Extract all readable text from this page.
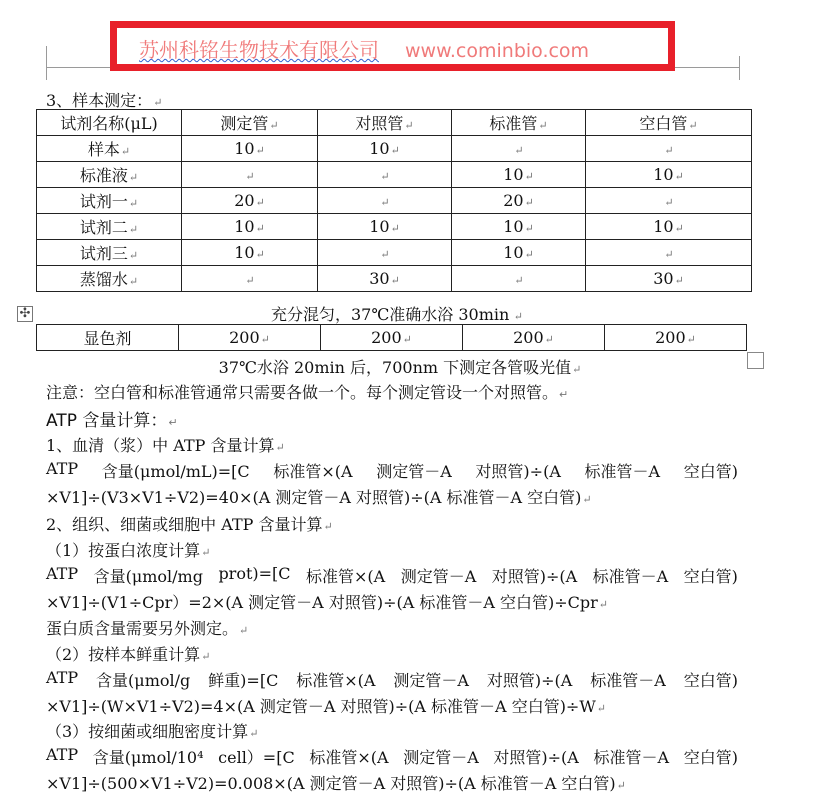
苏州科铭生物技术有限公司 www.cominbio.com
3、样本测定：↵
试剂名称(μL)	测定管↵	对照管↵	标准管↵	空白管↵
样本↵	10↵	10↵	↵	↵
标准液↵	↵	↵	10↵	10↵
试剂一↵	20↵	↵	20↵	↵
试剂二↵	10↵	10↵	10↵	10↵
试剂三↵	10↵	↵	10↵	↵
蒸馏水↵	↵	30↵	↵	30↵
✣	充分混匀，37℃准确水浴 30min ↵
显色剂	200↵	200↵	200↵	200↵
37℃水浴 20min 后，700nm 下测定各管吸光值↵
注意：空白管和标准管通常只需要各做一个。每个测定管设一个对照管。↵
ATP 含量计算：↵
1、血清（浆）中 ATP 含量计算↵
ATP 含量(μmol/mL)=[C 标准管×(A 测定管－A 对照管)÷(A 标准管－A 空白管)
×V1]÷(V3×V1÷V2)=40×(A 测定管－A 对照管)÷(A 标准管－A 空白管)↵
2、组织、细菌或细胞中 ATP 含量计算↵
（1）按蛋白浓度计算↵
ATP 含量(μmol/mg prot)=[C 标准管×(A 测定管－A 对照管)÷(A 标准管－A 空白管)
×V1]÷(V1÷Cpr）=2×(A 测定管－A 对照管)÷(A 标准管－A 空白管)÷Cpr↵
蛋白质含量需要另外测定。↵
（2）按样本鲜重计算↵
ATP 含量(μmol/g 鲜重)=[C 标准管×(A 测定管－A 对照管)÷(A 标准管－A 空白管)
×V1]÷(W×V1÷V2)=4×(A 测定管－A 对照管)÷(A 标准管－A 空白管)÷W↵
（3）按细菌或细胞密度计算↵
ATP 含量(μmol/10⁴ cell）=[C 标准管×(A 测定管－A 对照管)÷(A 标准管－A 空白管)
×V1]÷(500×V1÷V2)=0.008×(A 测定管－A 对照管)÷(A 标准管－A 空白管)↵
